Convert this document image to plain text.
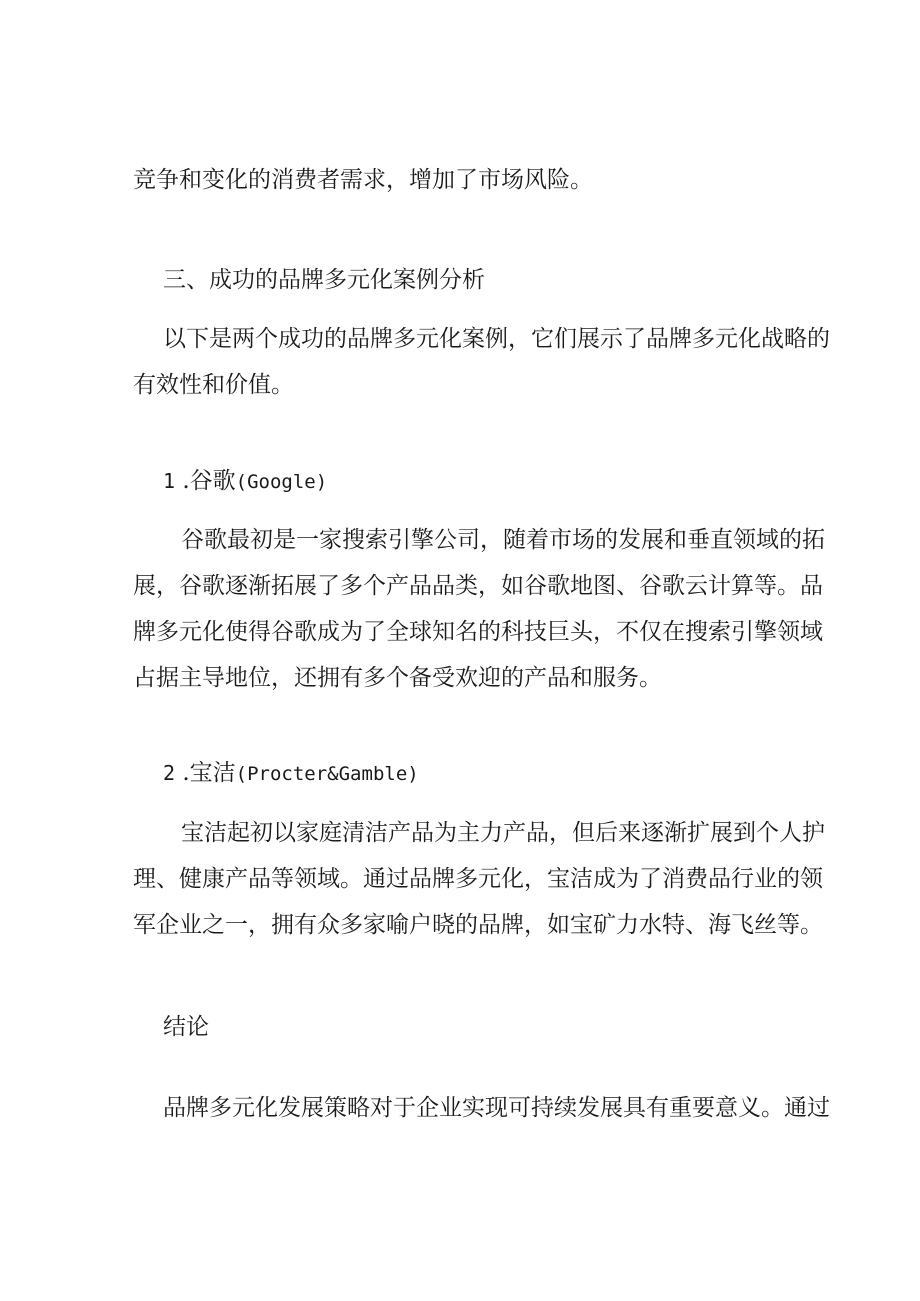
竞争和变化的消费者需求，增加了市场风险。

三、成功的品牌多元化案例分析

以下是两个成功的品牌多元化案例，它们展示了品牌多元化战略的
有效性和价值。

1 .谷歌(Google)

谷歌最初是一家搜索引擎公司，随着市场的发展和垂直领域的拓
展，谷歌逐渐拓展了多个产品品类，如谷歌地图、谷歌云计算等。品
牌多元化使得谷歌成为了全球知名的科技巨头，不仅在搜索引擎领域
占据主导地位，还拥有多个备受欢迎的产品和服务。

2 .宝洁(Procter&Gamble)

宝洁起初以家庭清洁产品为主力产品，但后来逐渐扩展到个人护
理、健康产品等领域。通过品牌多元化，宝洁成为了消费品行业的领
军企业之一，拥有众多家喻户晓的品牌，如宝矿力水特、海飞丝等。

结论

品牌多元化发展策略对于企业实现可持续发展具有重要意义。通过
